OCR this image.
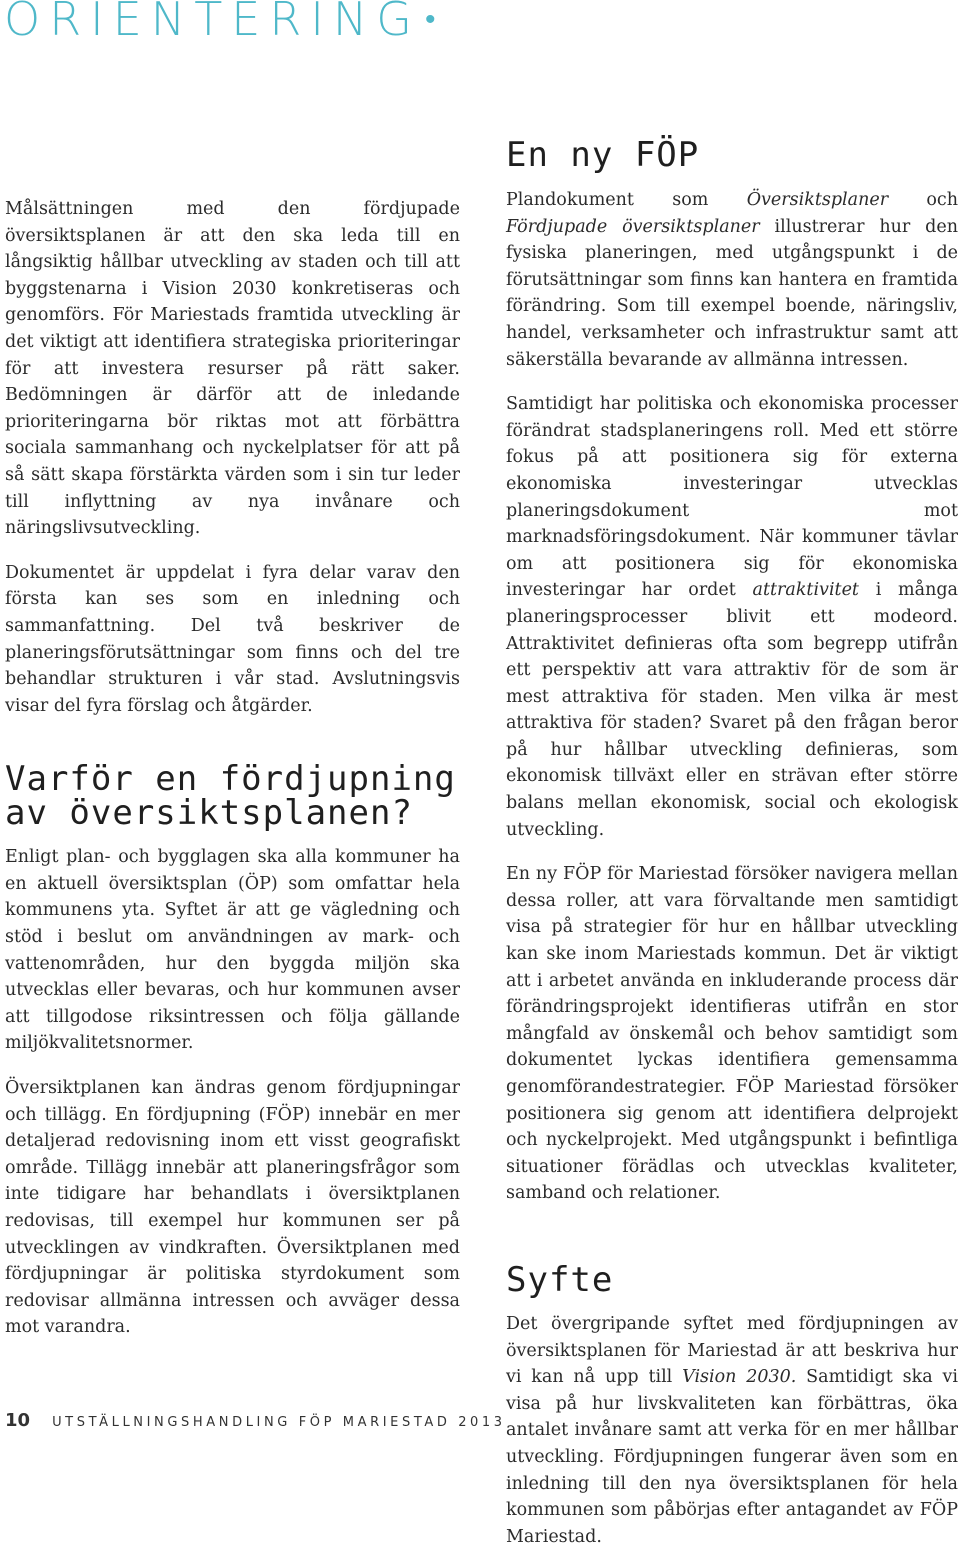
ORIENTERING •

Målsättningen med den fördjupade översiktsplanen är att den ska leda till en långsiktig hållbar utveckling av staden och till att byggstenarna i Vision 2030 konkretiseras och genomförs. För Mariestads framtida utveckling är det viktigt att identifiera strategiska prioriteringar för att investera resurser på rätt saker. Bedömningen är därför att de inledande prioriteringarna bör riktas mot att förbättra sociala sammanhang och nyckelplatser för att på så sätt skapa förstärkta värden som i sin tur leder till inflyttning av nya invånare och näringslivsutveckling.

Dokumentet är uppdelat i fyra delar varav den första kan ses som en inledning och sammanfattning. Del två beskriver de planeringsförutsättningar som finns och del tre behandlar strukturen i vår stad. Avslutningsvis visar del fyra förslag och åtgärder.

Varför en fördjupning av översiktsplanen?

Enligt plan- och bygglagen ska alla kommuner ha en aktuell översiktsplan (ÖP) som omfattar hela kommunens yta. Syftet är att ge vägledning och stöd i beslut om användningen av mark- och vattenområden, hur den byggda miljön ska utvecklas eller bevaras, och hur kommunen avser att tillgodose riksintressen och följa gällande miljökvalitetsnormer.

Översiktplanen kan ändras genom fördjupningar och tillägg. En fördjupning (FÖP) innebär en mer detaljerad redovisning inom ett visst geografiskt område. Tillägg innebär att planeringsfrågor som inte tidigare har behandlats i översiktplanen redovisas, till exempel hur kommunen ser på utvecklingen av vindkraften. Översiktplanen med fördjupningar är politiska styrdokument som redovisar allmänna intressen och avväger dessa mot varandra.

En ny FÖP

Plandokument som Översiktsplaner och Fördjupade översiktsplaner illustrerar hur den fysiska planeringen, med utgångspunkt i de förutsättningar som finns kan hantera en framtida förändring. Som till exempel boende, näringsliv, handel, verksamheter och infrastruktur samt att säkerställa bevarande av allmänna intressen.

Samtidigt har politiska och ekonomiska processer förändrat stadsplaneringens roll. Med ett större fokus på att positionera sig för externa ekonomiska investeringar utvecklas planeringsdokument mot marknadsföringsdokument. När kommuner tävlar om att positionera sig för ekonomiska investeringar har ordet attraktivitet i många planeringsprocesser blivit ett modeord. Attraktivitet definieras ofta som begrepp utifrån ett perspektiv att vara attraktiv för de som är mest attraktiva för staden. Men vilka är mest attraktiva för staden? Svaret på den frågan beror på hur hållbar utveckling definieras, som ekonomisk tillväxt eller en strävan efter större balans mellan ekonomisk, social och ekologisk utveckling.

En ny FÖP för Mariestad försöker navigera mellan dessa roller, att vara förvaltande men samtidigt visa på strategier för hur en hållbar utveckling kan ske inom Mariestads kommun. Det är viktigt att i arbetet använda en inkluderande process där förändringsprojekt identifieras utifrån en stor mångfald av önskemål och behov samtidigt som dokumentet lyckas identifiera gemensamma genomförandestrategier. FÖP Mariestad försöker positionera sig genom att identifiera delprojekt och nyckelprojekt. Med utgångspunkt i befintliga situationer förädlas och utvecklas kvaliteter, samband och relationer.

Syfte

Det övergripande syftet med fördjupningen av översiktsplanen för Mariestad är att beskriva hur vi kan nå upp till Vision 2030. Samtidigt ska vi visa på hur livskvaliteten kan förbättras, öka antalet invånare samt att verka för en mer hållbar utveckling. Fördjupningen fungerar även som en inledning till den nya översiktsplanen för hela kommunen som påbörjas efter antagandet av FÖP Mariestad.

10 UTSTÄLLNINGSHANDLING FÖP MARIESTAD 2013
